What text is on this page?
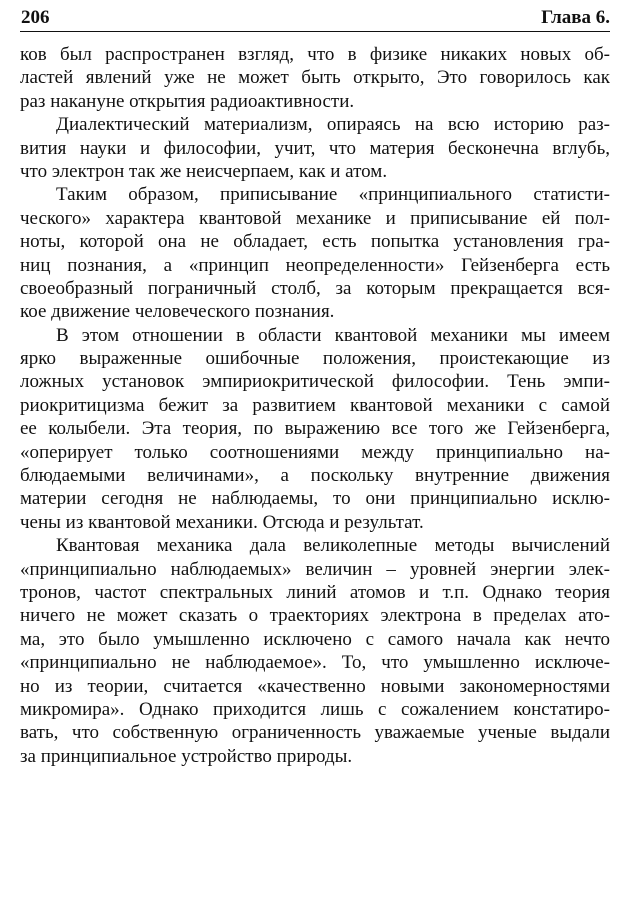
206	Глава 6.
ков был распространен взгляд, что в физике никаких новых об-
ластей явлений уже не может быть открыто, Это говорилось как
раз накануне открытия радиоактивности.
Диалектический материализм, опираясь на всю историю раз-
вития науки и философии, учит, что материя бесконечна вглубь,
что электрон так же неисчерпаем, как и атом.
Таким образом, приписывание «принципиального статисти-
ческого» характера квантовой механике и приписывание ей пол-
ноты, которой она не обладает, есть попытка установления гра-
ниц познания, а «принцип неопределенности» Гейзенберга есть
своеобразный пограничный столб, за которым прекращается вся-
кое движение человеческого познания.
В этом отношении в области квантовой механики мы имеем
ярко выраженные ошибочные положения, проистекающие из
ложных установок эмпириокритической философии. Тень эмпи-
риокритицизма бежит за развитием квантовой механики с самой
ее колыбели. Эта теория, по выражению все того же Гейзенберга,
«оперирует только соотношениями между принципиально на-
блюдаемыми величинами», а поскольку внутренние движения
материи сегодня не наблюдаемы, то они принципиально исклю-
чены из квантовой механики. Отсюда и результат.
Квантовая механика дала великолепные методы вычислений
«принципиально наблюдаемых» величин – уровней энергии элек-
тронов, частот спектральных линий атомов и т.п. Однако теория
ничего не может сказать о траекториях электрона в пределах ато-
ма, это было умышленно исключено с самого начала как нечто
«принципиально не наблюдаемое». То, что умышленно исключе-
но из теории, считается «качественно новыми закономерностями
микромира». Однако приходится лишь с сожалением констатиро-
вать, что собственную ограниченность уважаемые ученые выдали
за принципиальное устройство природы.
